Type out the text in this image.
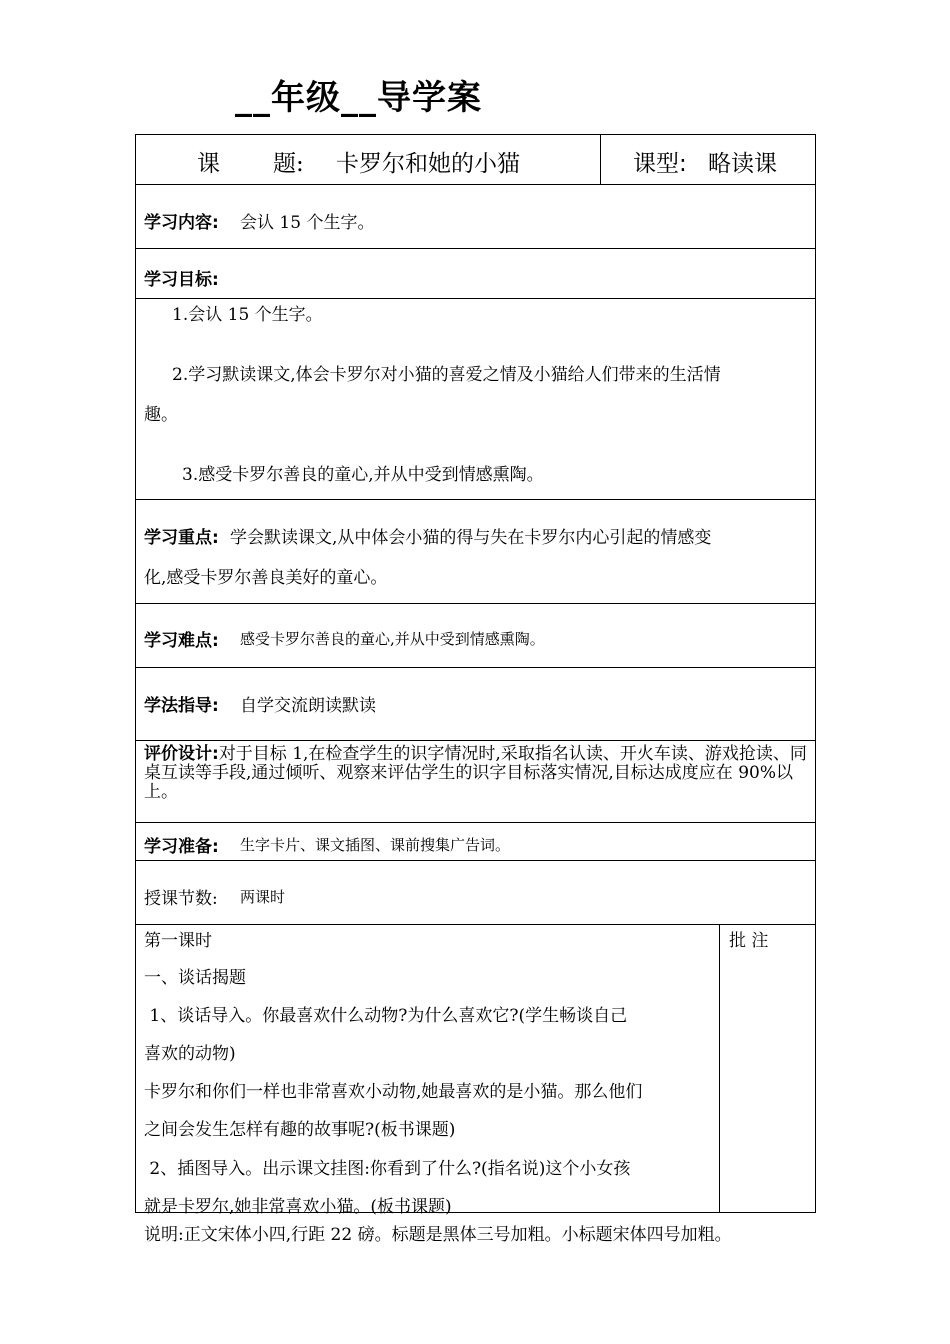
__年级__导学案
课 题: 卡罗尔和她的小猫	课型: 略读课
学习内容: 会认 15 个生字。
学习目标:
1.会认 15 个生字。
2.学习默读课文,体会卡罗尔对小猫的喜爱之情及小猫给人们带来的生活情
趣。
3.感受卡罗尔善良的童心,并从中受到情感熏陶。
学习重点: 学会默读课文,从中体会小猫的得与失在卡罗尔内心引起的情感变
化,感受卡罗尔善良美好的童心。
学习难点: 感受卡罗尔善良的童心,并从中受到情感熏陶。
学法指导: 自学交流朗读默读
评价设计:对于目标 1,在检查学生的识字情况时,采取指名认读、开火车读、游戏抢读、同桌互读等手段,通过倾听、观察来评估学生的识字目标落实情况,目标达成度应在 90%以上。
学习准备: 生字卡片、课文插图、课前搜集广告词。
授课节数: 两课时
第一课时
一、谈话揭题
1、谈话导入。你最喜欢什么动物?为什么喜欢它?(学生畅谈自己
喜欢的动物)
卡罗尔和你们一样也非常喜欢小动物,她最喜欢的是小猫。那么他们
之间会发生怎样有趣的故事呢?(板书课题)
2、插图导入。出示课文挂图:你看到了什么?(指名说)这个小女孩
就是卡罗尔,她非常喜欢小猫。(板书课题)
批 注
说明:正文宋体小四,行距 22 磅。标题是黑体三号加粗。小标题宋体四号加粗。
